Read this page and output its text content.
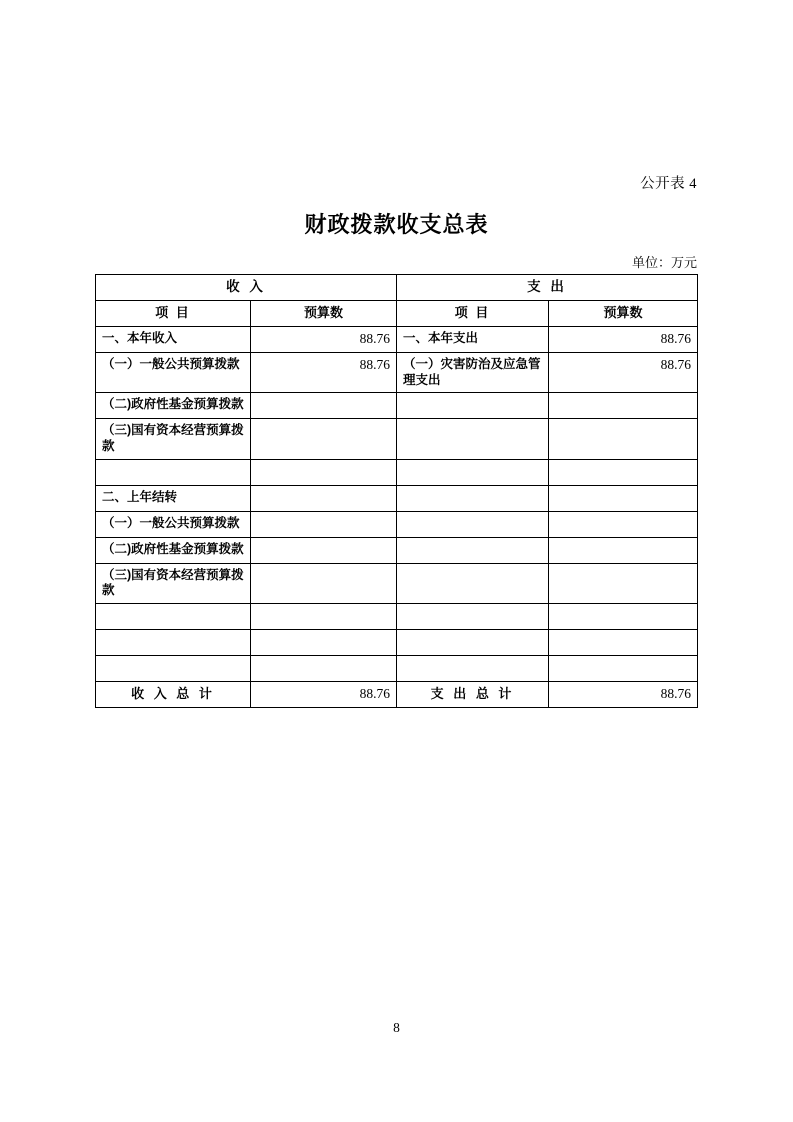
公开表 4
财政拨款收支总表
单位：万元
收 入		支 出	
项 目	预算数	项 目	预算数
一、本年收入	88.76	一、本年支出	88.76
（一）一般公共预算拨款	88.76	（一）灾害防治及应急管理支出	88.76
（二)政府性基金预算拨款			
（三)国有资本经营预算拨款			

二、上年结转			
（一）一般公共预算拨款			
（二)政府性基金预算拨款			
（三)国有资本经营预算拨款			

收 入 总 计	88.76	支 出 总 计	88.76
8
